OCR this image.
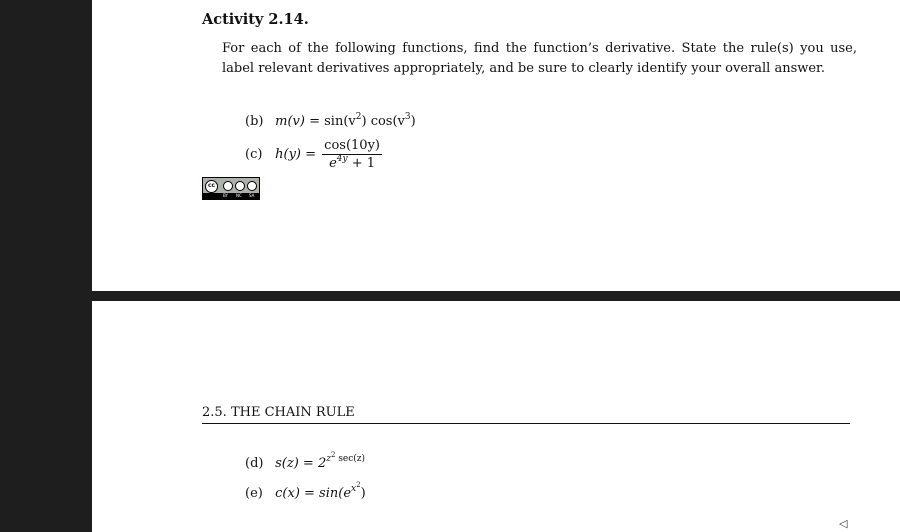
Activity 2.14.
For each of the following functions, find the function’s derivative. State the rule(s) you use, label relevant derivatives appropriately, and be sure to clearly identify your overall answer.
(b) $m(v) = \sin(v^2)$ $\cos(v^3)$
(c) $h(y) = \frac{\cos(10y)}{e^{4y} + 1}$
cc
BY NC SA
2.5. THE CHAIN RULE
(d) $s(z) = 2^{z^2 sec(z)}$
(e) $c(x) = \sin(e^{x^2})$
◁
